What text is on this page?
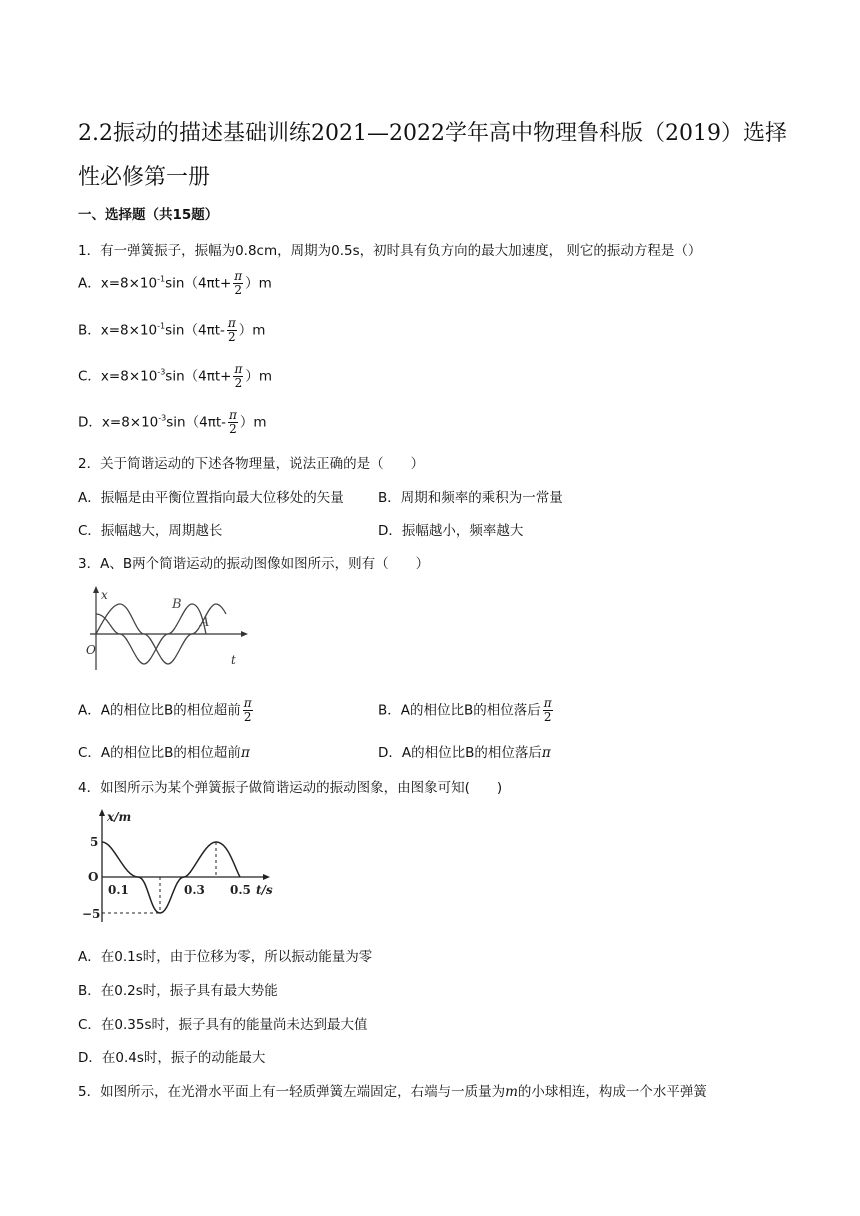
2.2振动的描述基础训练2021—2022学年高中物理鲁科版（2019）选择性必修第一册
一、选择题（共15题）
1．有一弹簧振子，振幅为0.8cm，周期为0.5s，初时具有负方向的最大加速度， 则它的振动方程是（）
A．$x=8\times 10^{-1}\sin(4\pi t+ \frac{\pi}{2} )m$
B．$x=8\times 10^{-1}\sin(4\pi t- \frac{\pi}{2} )m$
C．$x=8\times 10^{-3}\sin(4\pi t+ \frac{\pi}{2} )m$
D．$x=8\times 10^{-3}\sin(4\pi t- \frac{\pi}{2} )m$
2．关于简谐运动的下述各物理量，说法正确的是（　　）
A．振幅是由平衡位置指向最大位移处的矢量	B．周期和频率的乘积为一常量
C．振幅越大，周期越长	D．振幅越小，频率越大
3．A、B两个简谐运动的振动图像如图所示，则有（　　）
x
O
t
B
A
A．A的相位比B的相位超前 $\frac{\pi}{2}$	B．A的相位比B的相位落后 $\frac{\pi}{2}$
C．A的相位比B的相位超前π	D．A的相位比B的相位落后π
4．如图所示为某个弹簧振子做简谐运动的振动图象，由图象可知(　　)
x/m
5
O
−5
0.1	0.3 0.5 t/s
A．在0.1s时，由于位移为零，所以振动能量为零
B．在0.2s时，振子具有最大势能
C．在0.35s时，振子具有的能量尚未达到最大值
D．在0.4s时，振子的动能最大
5．如图所示，在光滑水平面上有一轻质弹簧左端固定，右端与一质量为m的小球相连，构成一个水平弹簧
